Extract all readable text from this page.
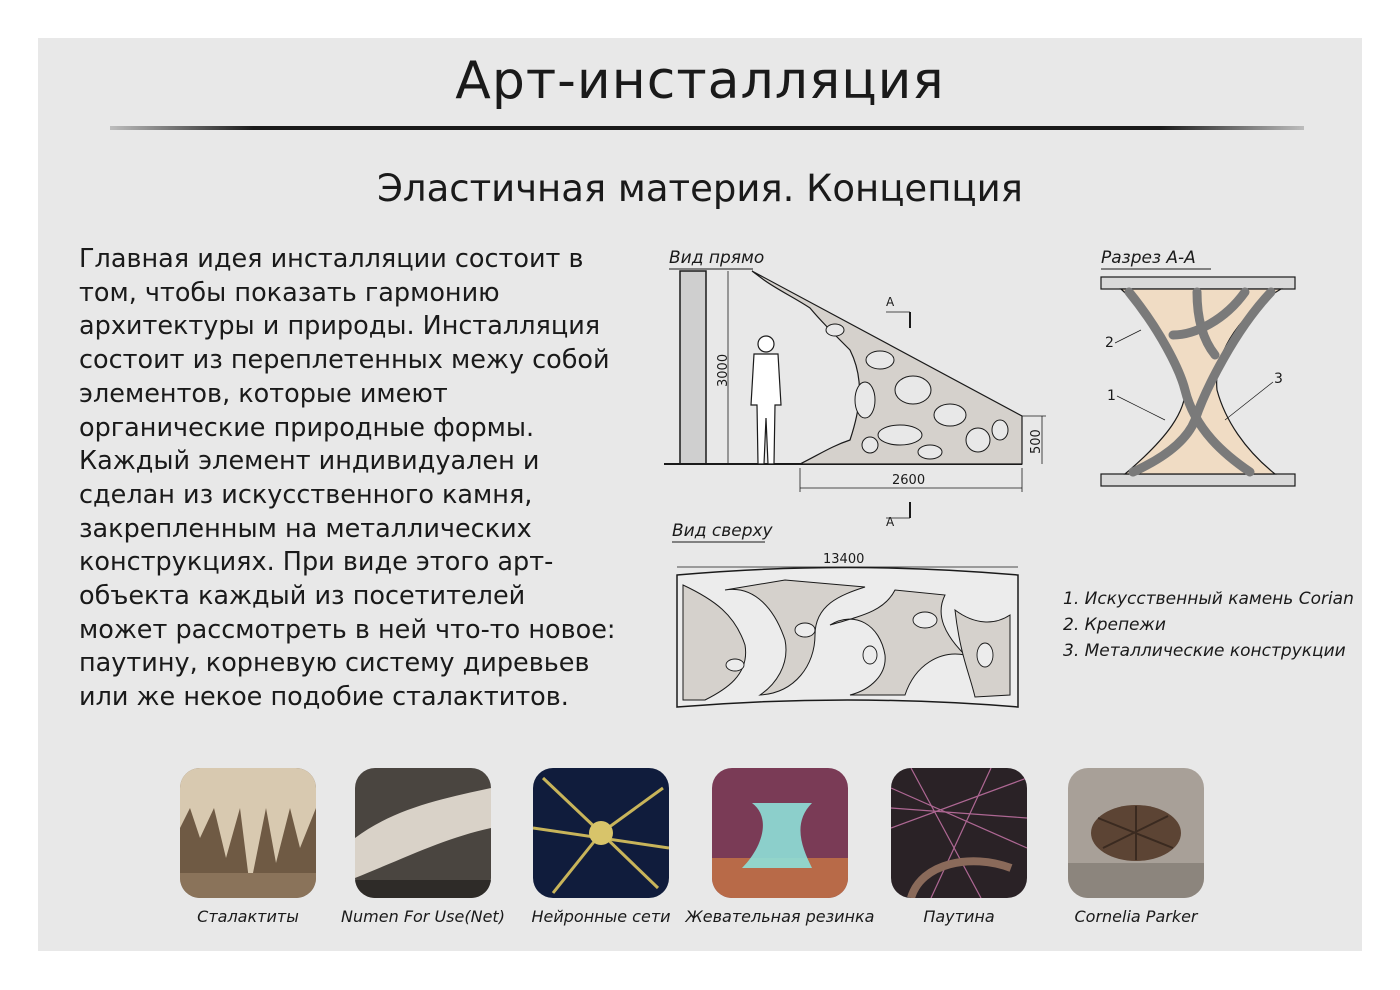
Арт-инсталляция
Эластичная материя. Концепция

Главная идея инсталляции состоит в том, чтобы показать гармонию архитектуры и природы. Инсталляция состоит из переплетенных межу собой элементов, которые имеют органические природные формы. Каждый элемент индивидуален и сделан из искусственного камня, закрепленным на металлических конструкциях. При виде этого арт-объекта каждый из посетителей может рассмотреть в ней что-то новое: паутину, корневую систему диревьев или же некое подобие сталактитов.

Вид прямо
3000
500
2600
А
А
Разрез А-А
2
1
3
Вид сверху
13400
1. Искусственный камень Corian
2. Крепежи
3. Металлические конструкции
Сталактиты	Numen For Use(Net)	Нейронные сети Жевательная резинка	Паутина	Cornelia Parker
